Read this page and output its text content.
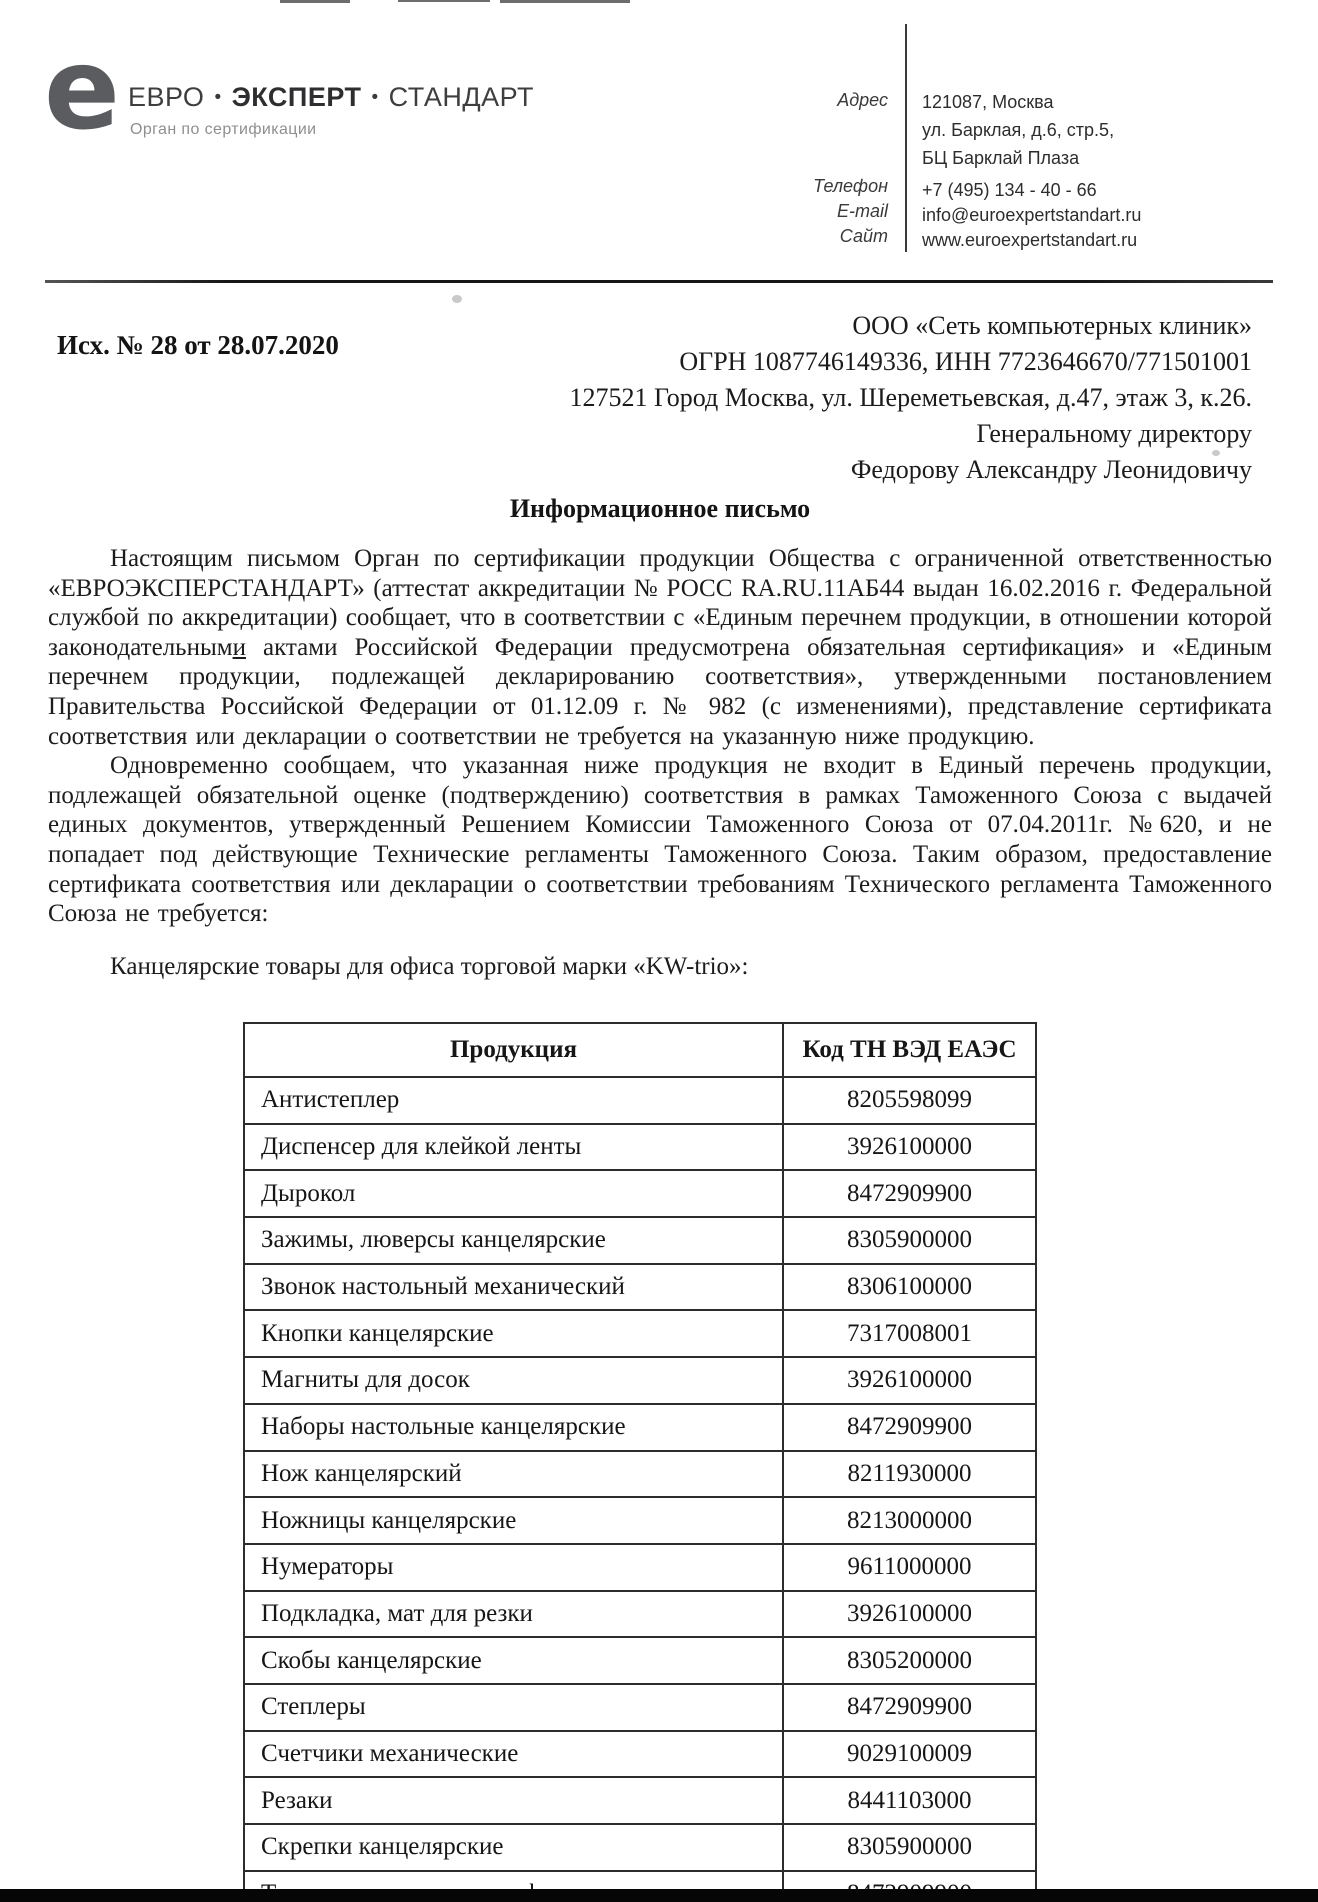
e ЕВРО • ЭКСПЕРТ • СТАНДАРТ
Орган по сертификации
Адрес 121087, Москва
ул. Барклая, д.6, стр.5,
БЦ Барклай Плаза
Телефон +7 (495) 134 - 40 - 66
E-mail info@euroexpertstandart.ru
Сайт www.euroexpertstandart.ru
Исх. № 28 от 28.07.2020
ООО «Сеть компьютерных клиник»
ОГРН 1087746149336, ИНН 7723646670/771501001
127521 Город Москва, ул. Шереметьевская, д.47, этаж 3, к.26.
Генеральному директору
Федорову Александру Леонидовичу
Информационное письмо

Настоящим письмом Орган по сертификации продукции Общества с ограниченной ответственностью «ЕВРОЭКСПЕРСТАНДАРТ» (аттестат аккредитации № РОСС RA.RU.11АБ44 выдан 16.02.2016 г. Федеральной службой по аккредитации) сообщает, что в соответствии с «Единым перечнем продукции, в отношении которой законодательными актами Российской Федерации предусмотрена обязательная сертификация» и «Единым перечнем продукции, подлежащей декларированию соответствия», утвержденными постановлением Правительства Российской Федерации от 01.12.09 г. № 982 (с изменениями), представление сертификата соответствия или декларации о соответствии не требуется на указанную ниже продукцию.

Одновременно сообщаем, что указанная ниже продукция не входит в Единый перечень продукции, подлежащей обязательной оценке (подтверждению) соответствия в рамках Таможенного Союза с выдачей единых документов, утвержденный Решением Комиссии Таможенного Союза от 07.04.2011г. №620, и не попадает под действующие Технические регламенты Таможенного Союза. Таким образом, предоставление сертификата соответствия или декларации о соответствии требованиям Технического регламента Таможенного Союза не требуется:

Канцелярские товары для офиса торговой марки «KW-trio»:
Продукция	Код ТН ВЭД ЕАЭС
Антистеплер	8205598099
Диспенсер для клейкой ленты	3926100000
Дырокол	8472909900
Зажимы, люверсы канцелярские	8305900000
Звонок настольный механический	8306100000
Кнопки канцелярские	7317008001
Магниты для досок	3926100000
Наборы настольные канцелярские	8472909900
Нож канцелярский	8211930000
Ножницы канцелярские	8213000000
Нумераторы	9611000000
Подкладка, мат для резки	3926100000
Скобы канцелярские	8305200000
Степлеры	8472909900
Счетчики механические	9029100009
Резаки	8441103000
Скрепки канцелярские	8305900000
